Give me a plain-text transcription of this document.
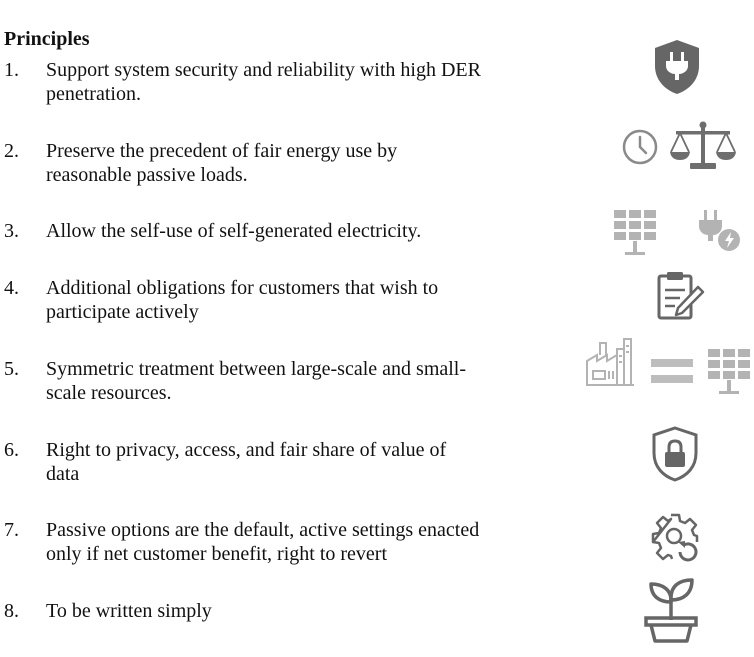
Principles
1. Support system security and reliability with high DER
penetration.
2. Preserve the precedent of fair energy use by
reasonable passive loads.
3. Allow the self-use of self-generated electricity.
4. Additional obligations for customers that wish to
participate actively
5. Symmetric treatment between large-scale and small-
scale resources.
6. Right to privacy, access, and fair share of value of
data
7. Passive options are the default, active settings enacted
only if net customer benefit, right to revert
8. To be written simply
